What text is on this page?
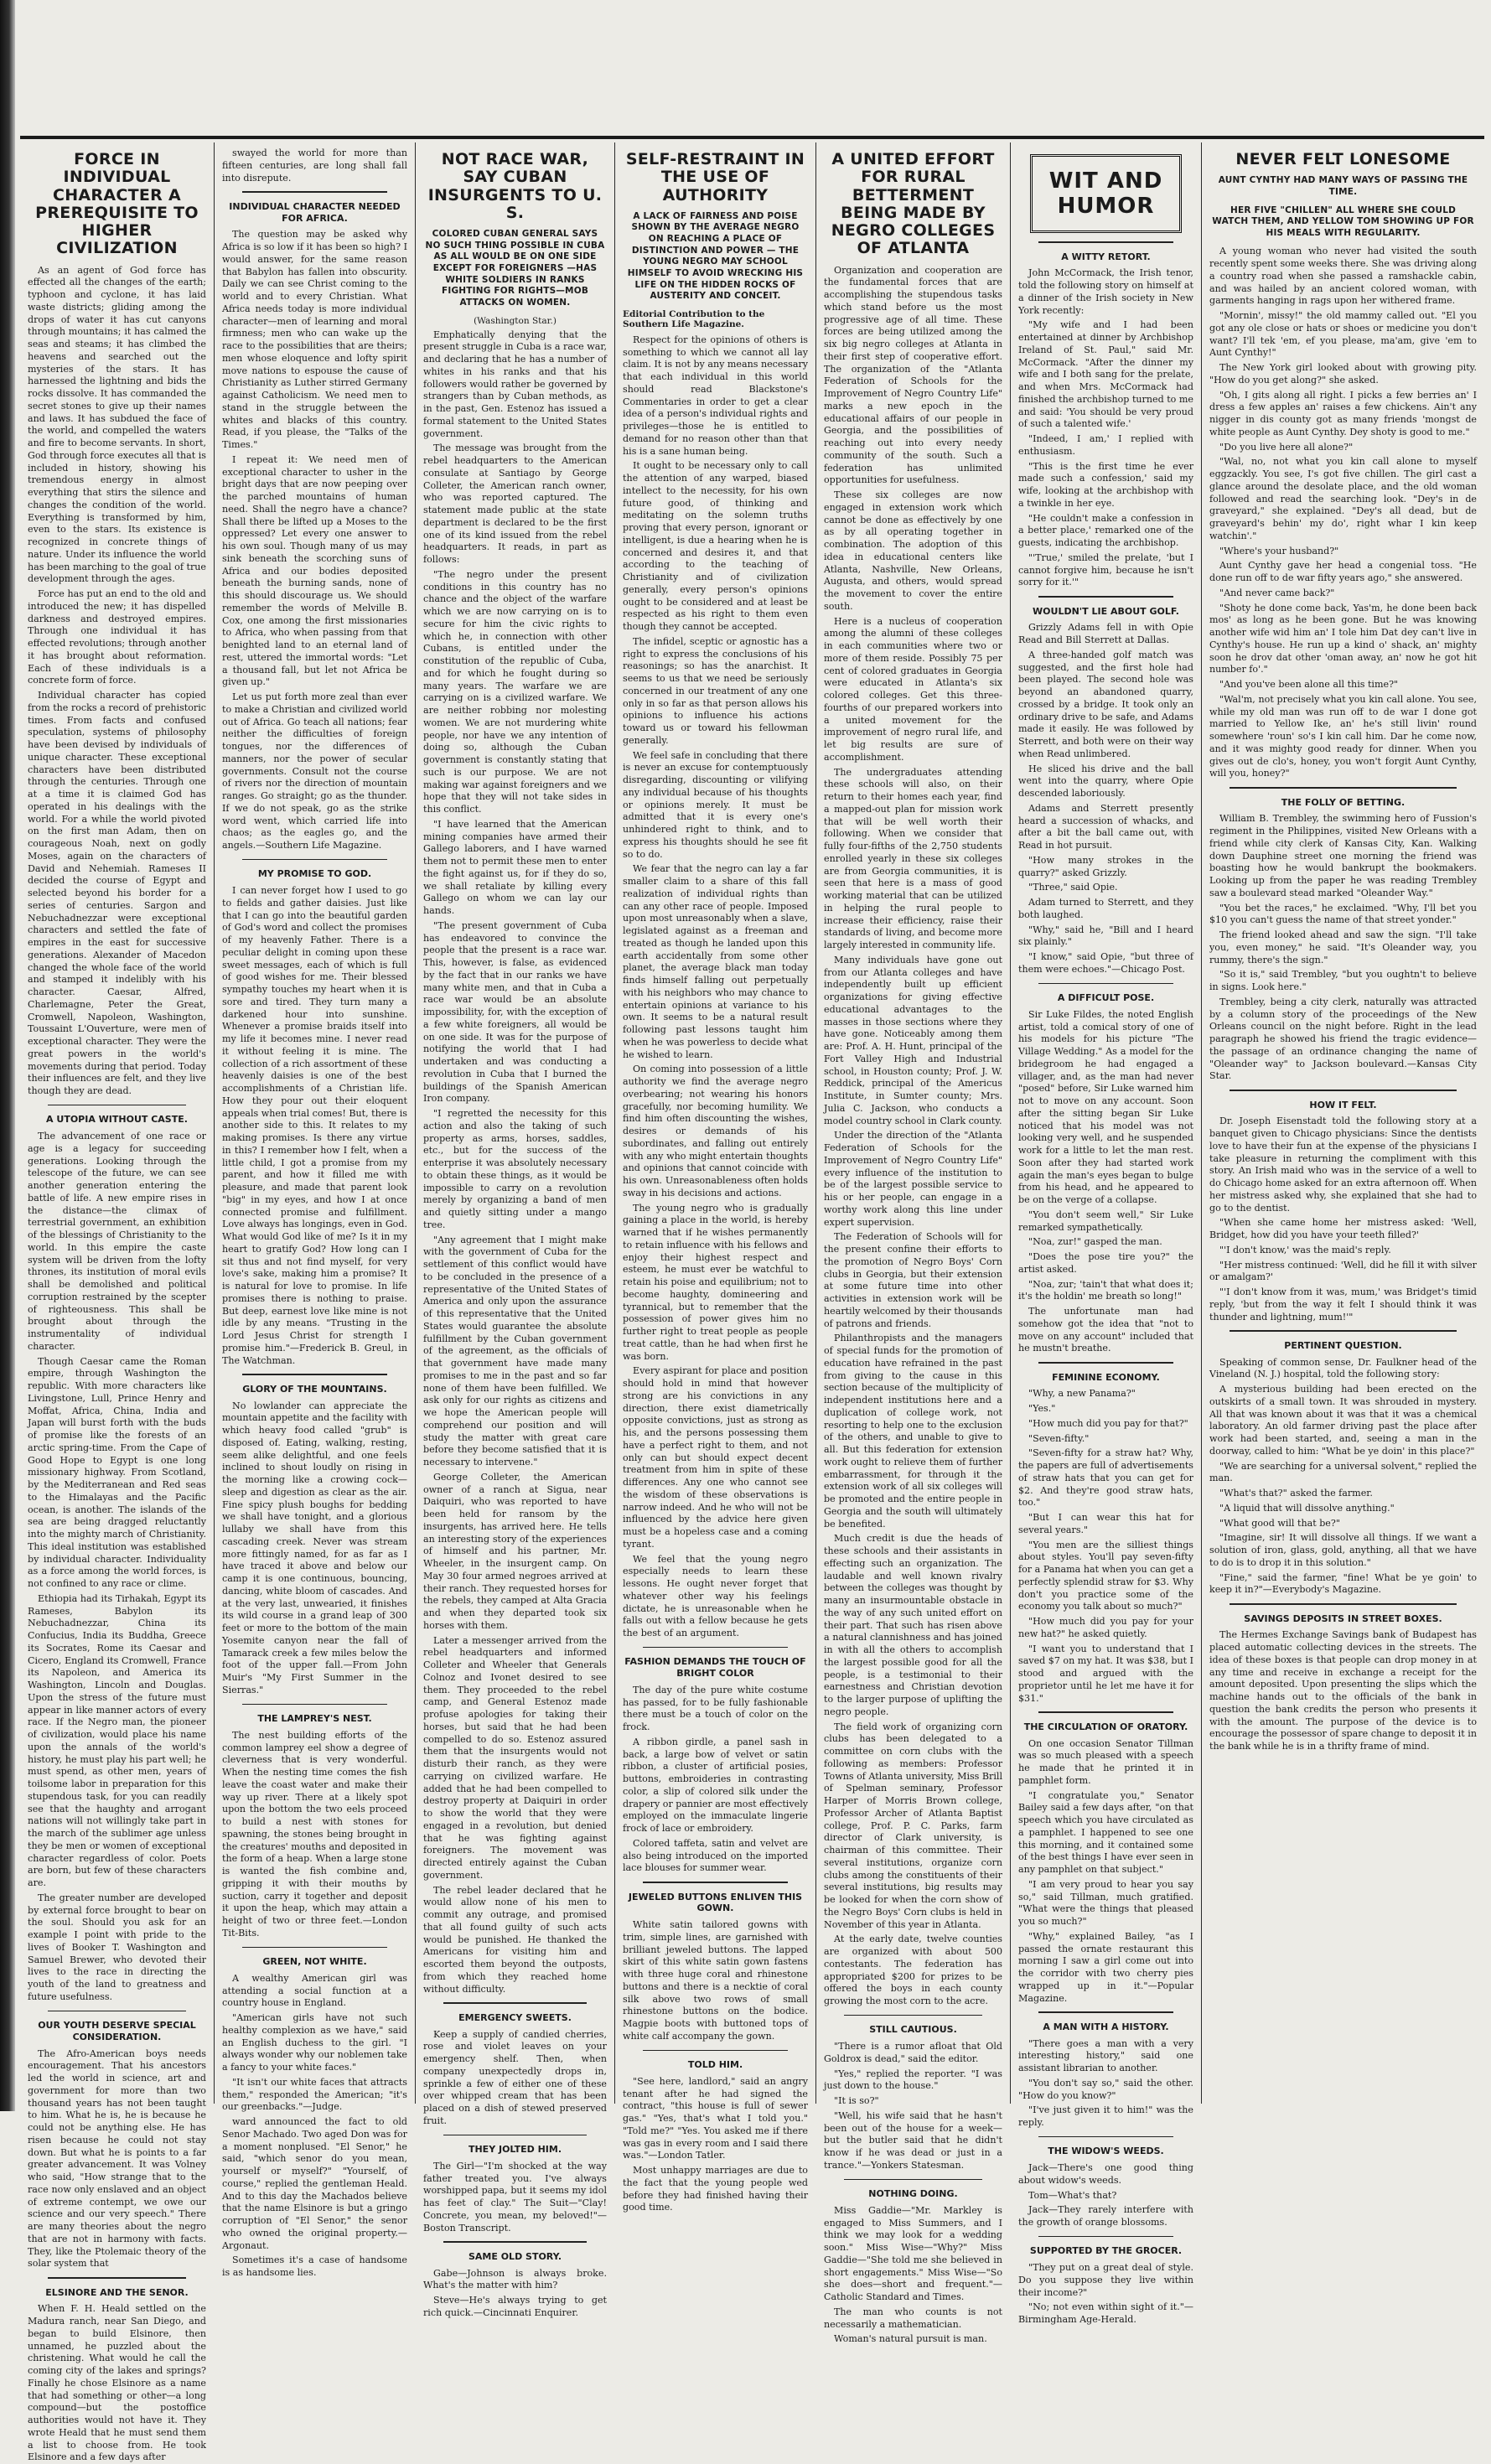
FORCE IN INDIVIDUAL CHARACTER A PREREQUISITE TO HIGHER CIVILIZATION

As an agent of God force has effected all the changes of the earth; typhoon and cyclone, it has laid waste districts; gliding among the drops of water it has cut canyons through mountains; it has calmed the seas and steams; it has climbed the heavens and searched out the mysteries of the stars. It has harnessed the lightning and bids the rocks dissolve. It has commanded the secret stones to give up their names and laws. It has subdued the face of the world, and compelled the waters and fire to become servants. In short, God through force executes all that is included in history, showing his tremendous energy in almost everything that stirs the silence and changes the condition of the world. Everything is transformed by him, even to the stars. Its existence is recognized in concrete things of nature. Under its influence the world has been marching to the goal of true development through the ages.

Force has put an end to the old and introduced the new; it has dispelled darkness and destroyed empires. Through one individual it has effected revolutions; through another it has brought about reformation. Each of these individuals is a concrete form of force.

Individual character has copied from the rocks a record of prehistoric times. From facts and confused speculation, systems of philosophy have been devised by individuals of unique character. These exceptional characters have been distributed through the centuries. Through one at a time it is claimed God has operated in his dealings with the world. For a while the world pivoted on the first man Adam, then on courageous Noah, next on godly Moses, again on the characters of David and Nehemiah. Rameses II decided the course of Egypt and selected beyond his border for a series of centuries. Sargon and Nebuchadnezzar were exceptional characters and settled the fate of empires in the east for successive generations. Alexander of Macedon changed the whole face of the world and stamped it indelibly with his character. Caesar, Alfred, Charlemagne, Peter the Great, Cromwell, Napoleon, Washington, Toussaint L'Ouverture, were men of exceptional character. They were the great powers in the world's movements during that period. Today their influences are felt, and they live though they are dead.

A UTOPIA WITHOUT CASTE.

The advancement of one race or age is a legacy for succeeding generations. Looking through the telescope of the future, we can see another generation entering the battle of life. A new empire rises in the distance—the climax of terrestrial government, an exhibition of the blessings of Christianity to the world. In this empire the caste system will be driven from the lofty thrones, its institution of moral evils shall be demolished and political corruption restrained by the scepter of righteousness. This shall be brought about through the instrumentality of individual character.

Though Caesar came the Roman empire, through Washington the republic. With more characters like Livingstone, Lull, Prince Henry and Moffat, Africa, China, India and Japan will burst forth with the buds of promise like the forests of an arctic spring-time. From the Cape of Good Hope to Egypt is one long missionary highway. From Scotland, by the Mediterranean and Red seas to the Himalayas and the Pacific ocean, is another. The islands of the sea are being dragged reluctantly into the mighty march of Christianity. This ideal institution was established by individual character. Individuality as a force among the world forces, is not confined to any race or clime.

Ethiopia had its Tirhakah, Egypt its Rameses, Babylon its Nebuchadnezzar, China its Confucius, India its Buddha, Greece its Socrates, Rome its Caesar and Cicero, England its Cromwell, France its Napoleon, and America its Washington, Lincoln and Douglas. Upon the stress of the future must appear in like manner actors of every race. If the Negro man, the pioneer of civilization, would place his name upon the annals of the world's history, he must play his part well; he must spend, as other men, years of toilsome labor in preparation for this stupendous task, for you can readily see that the haughty and arrogant nations will not willingly take part in the march of the sublimer age unless they be men or women of exceptional character regardless of color. Poets are born, but few of these characters are.

The greater number are developed by external force brought to bear on the soul. Should you ask for an example I point with pride to the lives of Booker T. Washington and Samuel Brewer, who devoted their lives to the race in directing the youth of the land to greatness and future usefulness.

OUR YOUTH DESERVE SPECIAL CONSIDERATION.

The Afro-American boys needs encouragement. That his ancestors led the world in science, art and government for more than two thousand years has not been taught to him. What he is, he is because he could not be anything else. He has risen because he could not stay down. But what he is points to a far greater advancement. It was Volney who said, "How strange that to the race now only enslaved and an object of extreme contempt, we owe our science and our very speech." There are many theories about the negro that are not in harmony with facts. They, like the Ptolemaic theory of the solar system that

ELSINORE AND THE SENOR.

When F. H. Heald settled on the Madura ranch, near San Diego, and began to build Elsinore, then unnamed, he puzzled about the christening. What would he call the coming city of the lakes and springs? Finally he chose Elsinore as a name that had something or other—a long compound—but the postoffice authorities would not have it. They wrote Heald that he must send them a list to choose from. He took Elsinore and a few days after

swayed the world for more than fifteen centuries, are long shall fall into disrepute.

INDIVIDUAL CHARACTER NEEDED FOR AFRICA.

The question may be asked why Africa is so low if it has been so high? I would answer, for the same reason that Babylon has fallen into obscurity. Daily we can see Christ coming to the world and to every Christian. What Africa needs today is more individual character—men of learning and moral firmness; men who can wake up the race to the possibilities that are theirs; men whose eloquence and lofty spirit move nations to espouse the cause of Christianity as Luther stirred Germany against Catholicism. We need men to stand in the struggle between the whites and blacks of this country. Read, if you please, the "Talks of the Times."

I repeat it: We need men of exceptional character to usher in the bright days that are now peeping over the parched mountains of human need. Shall the negro have a chance? Shall there be lifted up a Moses to the oppressed? Let every one answer to his own soul. Though many of us may sink beneath the scorching suns of Africa and our bodies deposited beneath the burning sands, none of this should discourage us. We should remember the words of Melville B. Cox, one among the first missionaries to Africa, who when passing from that benighted land to an eternal land of rest, uttered the immortal words: "Let a thousand fall, but let not Africa be given up."

Let us put forth more zeal than ever to make a Christian and civilized world out of Africa. Go teach all nations; fear neither the difficulties of foreign tongues, nor the differences of manners, nor the power of secular governments. Consult not the course of rivers nor the direction of mountain ranges. Go straight; go as the thunder. If we do not speak, go as the strike word went, which carried life into chaos; as the eagles go, and the angels.—Southern Life Magazine.

MY PROMISE TO GOD.

I can never forget how I used to go to fields and gather daisies. Just like that I can go into the beautiful garden of God's word and collect the promises of my heavenly Father. There is a peculiar delight in coming upon these sweet messages, each of which is full of good wishes for me. Their blessed sympathy touches my heart when it is sore and tired. They turn many a darkened hour into sunshine. Whenever a promise braids itself into my life it becomes mine. I never read it without feeling it is mine. The collection of a rich assortment of these heavenly daisies is one of the best accomplishments of a Christian life. How they pour out their eloquent appeals when trial comes! But, there is another side to this. It relates to my making promises. Is there any virtue in this? I remember how I felt, when a little child, I got a promise from my parent, and how it filled me with pleasure, and made that parent look "big" in my eyes, and how I at once connected promise and fulfillment. Love always has longings, even in God. What would God like of me? Is it in my heart to gratify God? How long can I sit thus and not find myself, for very love's sake, making him a promise? It is natural for love to promise. In life promises there is nothing to praise. But deep, earnest love like mine is not idle by any means. "Trusting in the Lord Jesus Christ for strength I promise him."—Frederick B. Greul, in The Watchman.

GLORY OF THE MOUNTAINS.

No lowlander can appreciate the mountain appetite and the facility with which heavy food called "grub" is disposed of. Eating, walking, resting, seem alike delightful, and one feels inclined to shout loudly on rising in the morning like a crowing cock—sleep and digestion as clear as the air. Fine spicy plush boughs for bedding we shall have tonight, and a glorious lullaby we shall have from this cascading creek. Never was stream more fittingly named, for as far as I have traced it above and below our camp it is one continuous, bouncing, dancing, white bloom of cascades. And at the very last, unwearied, it finishes its wild course in a grand leap of 300 feet or more to the bottom of the main Yosemite canyon near the fall of Tamarack creek a few miles below the foot of the upper fall.—From John Muir's "My First Summer in the Sierras."

THE LAMPREY'S NEST.

The nest building efforts of the common lamprey eel show a degree of cleverness that is very wonderful. When the nesting time comes the fish leave the coast water and make their way up river. There at a likely spot upon the bottom the two eels proceed to build a nest with stones for spawning, the stones being brought in the creatures' mouths and deposited in the form of a heap. When a large stone is wanted the fish combine and, gripping it with their mouths by suction, carry it together and deposit it upon the heap, which may attain a height of two or three feet.—London Tit-Bits.

GREEN, NOT WHITE.

A wealthy American girl was attending a social function at a country house in England.

"American girls have not such healthy complexion as we have," said an English duchess to the girl. "I always wonder why our noblemen take a fancy to your white faces."

"It isn't our white faces that attracts them," responded the American; "it's our greenbacks."—Judge.

ward announced the fact to old Senor Machado. Two aged Don was for a moment nonplused. "El Senor," he said, "which senor do you mean, yourself or myself?" "Yourself, of course," replied the gentleman Heald. And to this day the Machados believe that the name Elsinore is but a gringo corruption of "El Senor," the senor who owned the original property.—Argonaut.

Sometimes it's a case of handsome is as handsome lies.

NOT RACE WAR, SAY CUBAN INSURGENTS TO U. S.
COLORED CUBAN GENERAL SAYS NO SUCH THING POSSIBLE IN CUBA AS ALL WOULD BE ON ONE SIDE EXCEPT FOR FOREIGNERS —HAS WHITE SOLDIERS IN RANKS FIGHTING FOR RIGHTS—MOB ATTACKS ON WOMEN.
(Washington Star.)

Emphatically denying that the present struggle in Cuba is a race war, and declaring that he has a number of whites in his ranks and that his followers would rather be governed by strangers than by Cuban methods, as in the past, Gen. Estenoz has issued a formal statement to the United States government.

The message was brought from the rebel headquarters to the American consulate at Santiago by George Colleter, the American ranch owner, who was reported captured. The statement made public at the state department is declared to be the first one of its kind issued from the rebel headquarters. It reads, in part as follows:

"The negro under the present conditions in this country has no chance and the object of the warfare which we are now carrying on is to secure for him the civic rights to which he, in connection with other Cubans, is entitled under the constitution of the republic of Cuba, and for which he fought during so many years. The warfare we are carrying on is a civilized warfare. We are neither robbing nor molesting women. We are not murdering white people, nor have we any intention of doing so, although the Cuban government is constantly stating that such is our purpose. We are not making war against foreigners and we hope that they will not take sides in this conflict.

"I have learned that the American mining companies have armed their Gallego laborers, and I have warned them not to permit these men to enter the fight against us, for if they do so, we shall retaliate by killing every Gallego on whom we can lay our hands.

"The present government of Cuba has endeavored to convince the people that the present is a race war. This, however, is false, as evidenced by the fact that in our ranks we have many white men, and that in Cuba a race war would be an absolute impossibility, for, with the exception of a few white foreigners, all would be on one side. It was for the purpose of notifying the world that I had undertaken and was conducting a revolution in Cuba that I burned the buildings of the Spanish American Iron company.

"I regretted the necessity for this action and also the taking of such property as arms, horses, saddles, etc., but for the success of the enterprise it was absolutely necessary to obtain these things, as it would be impossible to carry on a revolution merely by organizing a band of men and quietly sitting under a mango tree.

"Any agreement that I might make with the government of Cuba for the settlement of this conflict would have to be concluded in the presence of a representative of the United States of America and only upon the assurance of this representative that the United States would guarantee the absolute fulfillment by the Cuban government of the agreement, as the officials of that government have made many promises to me in the past and so far none of them have been fulfilled. We ask only for our rights as citizens and we hope the American people will comprehend our position and will study the matter with great care before they become satisfied that it is necessary to intervene."

George Colleter, the American owner of a ranch at Sigua, near Daiquiri, who was reported to have been held for ransom by the insurgents, has arrived here. He tells an interesting story of the experiences of himself and his partner, Mr. Wheeler, in the insurgent camp. On May 30 four armed negroes arrived at their ranch. They requested horses for the rebels, they camped at Alta Gracia and when they departed took six horses with them.

Later a messenger arrived from the rebel headquarters and informed Colleter and Wheeler that Generals Colnoz and Ivonet desired to see them. They proceeded to the rebel camp, and General Estenoz made profuse apologies for taking their horses, but said that he had been compelled to do so. Estenoz assured them that the insurgents would not disturb their ranch, as they were carrying on civilized warfare. He added that he had been compelled to destroy property at Daiquiri in order to show the world that they were engaged in a revolution, but denied that he was fighting against foreigners. The movement was directed entirely against the Cuban government.

The rebel leader declared that he would allow none of his men to commit any outrage, and promised that all found guilty of such acts would be punished. He thanked the Americans for visiting him and escorted them beyond the outposts, from which they reached home without difficulty.

EMERGENCY SWEETS.

Keep a supply of candied cherries, rose and violet leaves on your emergency shelf. Then, when company unexpectedly drops in, sprinkle a few of either one of these over whipped cream that has been placed on a dish of stewed preserved fruit.

THEY JOLTED HIM.

The Girl—"I'm shocked at the way father treated you. I've always worshipped papa, but it seems my idol has feet of clay." The Suit—"Clay! Concrete, you mean, my beloved!"—Boston Transcript.

SAME OLD STORY.

Gabe—Johnson is always broke. What's the matter with him?

Steve—He's always trying to get rich quick.—Cincinnati Enquirer.

SELF-RESTRAINT IN THE USE OF AUTHORITY
A LACK OF FAIRNESS AND POISE SHOWN BY THE AVERAGE NEGRO ON REACHING A PLACE OF DISTINCTION AND POWER — THE YOUNG NEGRO MAY SCHOOL HIMSELF TO AVOID WRECKING HIS LIFE ON THE HIDDEN ROCKS OF AUSTERITY AND CONCEIT.
Editorial Contribution to the Southern Life Magazine.

Respect for the opinions of others is something to which we cannot all lay claim. It is not by any means necessary that each individual in this world should read Blackstone's Commentaries in order to get a clear idea of a person's individual rights and privileges—those he is entitled to demand for no reason other than that his is a sane human being.

It ought to be necessary only to call the attention of any warped, biased intellect to the necessity, for his own future good, of thinking and meditating on the solemn truths proving that every person, ignorant or intelligent, is due a hearing when he is concerned and desires it, and that according to the teaching of Christianity and of civilization generally, every person's opinions ought to be considered and at least be respected as his right to them even though they cannot be accepted.

The infidel, sceptic or agnostic has a right to express the conclusions of his reasonings; so has the anarchist. It seems to us that we need be seriously concerned in our treatment of any one only in so far as that person allows his opinions to influence his actions toward us or toward his fellowman generally.

We feel safe in concluding that there is never an excuse for contemptuously disregarding, discounting or vilifying any individual because of his thoughts or opinions merely. It must be admitted that it is every one's unhindered right to think, and to express his thoughts should he see fit so to do.

We fear that the negro can lay a far smaller claim to a share of this fall realization of individual rights than can any other race of people. Imposed upon most unreasonably when a slave, legislated against as a freeman and treated as though he landed upon this earth accidentally from some other planet, the average black man today finds himself falling out perpetually with his neighbors who may chance to entertain opinions at variance to his own. It seems to be a natural result following past lessons taught him when he was powerless to decide what he wished to learn.

On coming into possession of a little authority we find the average negro overbearing; not wearing his honors gracefully, nor becoming humility. We find him often discounting the wishes, desires or demands of his subordinates, and falling out entirely with any who might entertain thoughts and opinions that cannot coincide with his own. Unreasonableness often holds sway in his decisions and actions.

The young negro who is gradually gaining a place in the world, is hereby warned that if he wishes permanently to retain influence with his fellows and enjoy their highest respect and esteem, he must ever be watchful to retain his poise and equilibrium; not to become haughty, domineering and tyrannical, but to remember that the possession of power gives him no further right to treat people as people treat cattle, than he had when first he was born.

Every aspirant for place and position should hold in mind that however strong are his convictions in any direction, there exist diametrically opposite convictions, just as strong as his, and the persons possessing them have a perfect right to them, and not only can but should expect decent treatment from him in spite of these differences. Any one who cannot see the wisdom of these observations is narrow indeed. And he who will not be influenced by the advice here given must be a hopeless case and a coming tyrant.

We feel that the young negro especially needs to learn these lessons. He ought never forget that whatever other way his feelings dictate, he is unreasonable when he falls out with a fellow because he gets the best of an argument.

FASHION DEMANDS THE TOUCH OF BRIGHT COLOR

The day of the pure white costume has passed, for to be fully fashionable there must be a touch of color on the frock.

A ribbon girdle, a panel sash in back, a large bow of velvet or satin ribbon, a cluster of artificial posies, buttons, embroideries in contrasting color, a slip of colored silk under the drapery or pannier are most effectively employed on the immaculate lingerie frock of lace or embroidery.

Colored taffeta, satin and velvet are also being introduced on the imported lace blouses for summer wear.

JEWELED BUTTONS ENLIVEN THIS GOWN.

White satin tailored gowns with trim, simple lines, are garnished with brilliant jeweled buttons. The lapped skirt of this white satin gown fastens with three huge coral and rhinestone buttons and there is a necktie of coral silk above two rows of small rhinestone buttons on the bodice. Magpie boots with buttoned tops of white calf accompany the gown.

TOLD HIM.

"See here, landlord," said an angry tenant after he had signed the contract, "this house is full of sewer gas." "Yes, that's what I told you." "Told me?" "Yes. You asked me if there was gas in every room and I said there was."—London Tatler.

Most unhappy marriages are due to the fact that the young people wed before they had finished having their good time.

A UNITED EFFORT FOR RURAL BETTERMENT BEING MADE BY NEGRO COLLEGES OF ATLANTA

Organization and cooperation are the fundamental forces that are accomplishing the stupendous tasks which stand before us the most progressive age of all time. These forces are being utilized among the six big negro colleges at Atlanta in their first step of cooperative effort. The organization of the "Atlanta Federation of Schools for the Improvement of Negro Country Life" marks a new epoch in the educational affairs of our people in Georgia, and the possibilities of reaching out into every needy community of the south. Such a federation has unlimited opportunities for usefulness.

These six colleges are now engaged in extension work which cannot be done as effectively by one as by all operating together in combination. The adoption of this idea in educational centers like Atlanta, Nashville, New Orleans, Augusta, and others, would spread the movement to cover the entire south.

Here is a nucleus of cooperation among the alumni of these colleges in each communities where two or more of them reside. Possibly 75 per cent of colored graduates in Georgia were educated in Atlanta's six colored colleges. Get this three-fourths of our prepared workers into a united movement for the improvement of negro rural life, and let big results are sure of accomplishment.

The undergraduates attending these schools will also, on their return to their homes each year, find a mapped-out plan for mission work that will be well worth their following. When we consider that fully four-fifths of the 2,750 students enrolled yearly in these six colleges are from Georgia communities, it is seen that here is a mass of good working material that can be utilized in helping the rural people to increase their efficiency, raise their standards of living, and become more largely interested in community life.

Many individuals have gone out from our Atlanta colleges and have independently built up efficient organizations for giving effective educational advantages to the masses in those sections where they have gone. Noticeably among them are: Prof. A. H. Hunt, principal of the Fort Valley High and Industrial school, in Houston county; Prof. J. W. Reddick, principal of the Americus Institute, in Sumter county; Mrs. Julia C. Jackson, who conducts a model country school in Clark county.

Under the direction of the "Atlanta Federation of Schools for the Improvement of Negro Country Life" every influence of the institution to be of the largest possible service to his or her people, can engage in a worthy work along this line under expert supervision.

The Federation of Schools will for the present confine their efforts to the promotion of Negro Boys' Corn clubs in Georgia, but their extension at some future time into other activities in extension work will be heartily welcomed by their thousands of patrons and friends.

Philanthropists and the managers of special funds for the promotion of education have refrained in the past from giving to the cause in this section because of the multiplicity of independent institutions here and a duplication of college work, not resorting to help one to the exclusion of the others, and unable to give to all. But this federation for extension work ought to relieve them of further embarrassment, for through it the extension work of all six colleges will be promoted and the entire people in Georgia and the south will ultimately be benefited.

Much credit is due the heads of these schools and their assistants in effecting such an organization. The laudable and well known rivalry between the colleges was thought by many an insurmountable obstacle in the way of any such united effort on their part. That such has risen above a natural clannishness and has joined in with all the others to accomplish the largest possible good for all the people, is a testimonial to their earnestness and Christian devotion to the larger purpose of uplifting the negro people.

The field work of organizing corn clubs has been delegated to a committee on corn clubs with the following as members: Professor Towns of Atlanta university, Miss Brill of Spelman seminary, Professor Harper of Morris Brown college, Professor Archer of Atlanta Baptist college, Prof. P. C. Parks, farm director of Clark university, is chairman of this committee. Their several institutions, organize corn clubs among the constituents of their several institutions, big results may be looked for when the corn show of the Negro Boys' Corn clubs is held in November of this year in Atlanta.

At the early date, twelve counties are organized with about 500 contestants. The federation has appropriated $200 for prizes to be offered the boys in each county growing the most corn to the acre.

STILL CAUTIOUS.

"There is a rumor afloat that Old Goldrox is dead," said the editor.

"Yes," replied the reporter. "I was just down to the house."

"It is so?"

"Well, his wife said that he hasn't been out of the house for a week—but the butler said that he didn't know if he was dead or just in a trance."—Yonkers Statesman.

NOTHING DOING.

Miss Gaddie—"Mr. Markley is engaged to Miss Summers, and I think we may look for a wedding soon." Miss Wise—"Why?" Miss Gaddie—"She told me she believed in short engagements." Miss Wise—"So she does—short and frequent."—Catholic Standard and Times.

The man who counts is not necessarily a mathematician.

Woman's natural pursuit is man.

WIT AND HUMOR
A WITTY RETORT.

John McCormack, the Irish tenor, told the following story on himself at a dinner of the Irish society in New York recently:

"My wife and I had been entertained at dinner by Archbishop Ireland of St. Paul," said Mr. McCormack. "After the dinner my wife and I both sang for the prelate, and when Mrs. McCormack had finished the archbishop turned to me and said: 'You should be very proud of such a talented wife.'

"Indeed, I am,' I replied with enthusiasm.

"This is the first time he ever made such a confession,' said my wife, looking at the archbishop with a twinkle in her eye.

"He couldn't make a confession in a better place,' remarked one of the guests, indicating the archbishop.

"'True,' smiled the prelate, 'but I cannot forgive him, because he isn't sorry for it.'"

WOULDN'T LIE ABOUT GOLF.

Grizzly Adams fell in with Opie Read and Bill Sterrett at Dallas.

A three-handed golf match was suggested, and the first hole had been played. The second hole was beyond an abandoned quarry, crossed by a bridge. It took only an ordinary drive to be safe, and Adams made it easily. He was followed by Sterrett, and both were on their way when Read unlimbered.

He sliced his drive and the ball went into the quarry, where Opie descended laboriously.

Adams and Sterrett presently heard a succession of whacks, and after a bit the ball came out, with Read in hot pursuit.

"How many strokes in the quarry?" asked Grizzly.

"Three," said Opie.

Adam turned to Sterrett, and they both laughed.

"Why," said he, "Bill and I heard six plainly."

"I know," said Opie, "but three of them were echoes."—Chicago Post.

A DIFFICULT POSE.

Sir Luke Fildes, the noted English artist, told a comical story of one of his models for his picture "The Village Wedding." As a model for the bridegroom he had engaged a villager, and, as the man had never "posed" before, Sir Luke warned him not to move on any account. Soon after the sitting began Sir Luke noticed that his model was not looking very well, and he suspended work for a little to let the man rest. Soon after they had started work again the man's eyes began to bulge from his head, and he appeared to be on the verge of a collapse.

"You don't seem well," Sir Luke remarked sympathetically.

"Noa, zur!" gasped the man.

"Does the pose tire you?" the artist asked.

"Noa, zur; 'tain't that what does it; it's the holdin' me breath so long!"

The unfortunate man had somehow got the idea that "not to move on any account" included that he mustn't breathe.

FEMININE ECONOMY.

"Why, a new Panama?"

"Yes."

"How much did you pay for that?"

"Seven-fifty."

"Seven-fifty for a straw hat? Why, the papers are full of advertisements of straw hats that you can get for $2. And they're good straw hats, too."

"But I can wear this hat for several years."

"You men are the silliest things about styles. You'll pay seven-fifty for a Panama hat when you can get a perfectly splendid straw for $3. Why don't you practice some of the economy you talk about so much?"

"How much did you pay for your new hat?" he asked quietly.

"I want you to understand that I saved $7 on my hat. It was $38, but I stood and argued with the proprietor until he let me have it for $31."

THE CIRCULATION OF ORATORY.

On one occasion Senator Tillman was so much pleased with a speech he made that he printed it in pamphlet form.

"I congratulate you," Senator Bailey said a few days after, "on that speech which you have circulated as a pamphlet. I happened to see one this morning, and it contained some of the best things I have ever seen in any pamphlet on that subject."

"I am very proud to hear you say so," said Tillman, much gratified. "What were the things that pleased you so much?"

"Why," explained Bailey, "as I passed the ornate restaurant this morning I saw a girl come out into the corridor with two cherry pies wrapped up in it."—Popular Magazine.

A MAN WITH A HISTORY.

"There goes a man with a very interesting history," said one assistant librarian to another.

"You don't say so," said the other. "How do you know?"

"I've just given it to him!" was the reply.

THE WIDOW'S WEEDS.

Jack—There's one good thing about widow's weeds.

Tom—What's that?

Jack—They rarely interfere with the growth of orange blossoms.

SUPPORTED BY THE GROCER.

"They put on a great deal of style. Do you suppose they live within their income?"

"No; not even within sight of it."—Birmingham Age-Herald.

NEVER FELT LONESOME
AUNT CYNTHY HAD MANY WAYS OF PASSING THE TIME.
HER FIVE "CHILLEN" ALL WHERE SHE COULD WATCH THEM, AND YELLOW TOM SHOWING UP FOR HIS MEALS WITH REGULARITY.

A young woman who never had visited the south recently spent some weeks there. She was driving along a country road when she passed a ramshackle cabin, and was hailed by an ancient colored woman, with garments hanging in rags upon her withered frame.

"Mornin', missy!" the old mammy called out. "El you got any ole close or hats or shoes or medicine you don't want? I'll tek 'em, ef you please, ma'am, give 'em to Aunt Cynthy!"

The New York girl looked about with growing pity. "How do you get along?" she asked.

"Oh, I gits along all right. I picks a few berries an' I dress a few apples an' raises a few chickens. Ain't any nigger in dis county got as many friends 'mongst de white people as Aunt Cynthy. Dey shoty is good to me."

"Do you live here all alone?"

"Wal, no, not what you kin call alone to myself eggzackly. You see, I's got five chillen. The girl cast a glance around the desolate place, and the old woman followed and read the searching look. "Dey's in de graveyard," she explained. "Dey's all dead, but de graveyard's behin' my do', right whar I kin keep watchin'."

"Where's your husband?"

Aunt Cynthy gave her head a congenial toss. "He done run off to de war fifty years ago," she answered.

"And never came back?"

"Shoty he done come back, Yas'm, he done been back mos' as long as he been gone. But he was knowing another wife wid him an' I tole him Dat dey can't live in Cynthy's house. He run up a kind o' shack, an' mighty soon he drov dat other 'oman away, an' now he got hit number fo'."

"And you've been alone all this time?"

"Wal'm, not precisely what you kin call alone. You see, while my old man was run off to de war I done got married to Yellow Ike, an' he's still livin' round somewhere 'roun' so's I kin call him. Dar he come now, and it was mighty good ready for dinner. When you gives out de clo's, honey, you won't forgit Aunt Cynthy, will you, honey?"

THE FOLLY OF BETTING.

William B. Trembley, the swimming hero of Fussion's regiment in the Philippines, visited New Orleans with a friend while city clerk of Kansas City, Kan. Walking down Dauphine street one morning the friend was boasting how he would bankrupt the bookmakers. Looking up from the paper he was reading Trembley saw a boulevard stead marked "Oleander Way."

"You bet the races," he exclaimed. "Why, I'll bet you $10 you can't guess the name of that street yonder."

The friend looked ahead and saw the sign. "I'll take you, even money," he said. "It's Oleander way, you rummy, there's the sign."

"So it is," said Trembley, "but you oughtn't to believe in signs. Look here."

Trembley, being a city clerk, naturally was attracted by a column story of the proceedings of the New Orleans council on the night before. Right in the lead paragraph he showed his friend the tragic evidence—the passage of an ordinance changing the name of "Oleander way" to Jackson boulevard.—Kansas City Star.

HOW IT FELT.

Dr. Joseph Eisenstadt told the following story at a banquet given to Chicago physicians: Since the dentists love to have their fun at the expense of the physicians I take pleasure in returning the compliment with this story. An Irish maid who was in the service of a well to do Chicago home asked for an extra afternoon off. When her mistress asked why, she explained that she had to go to the dentist.

"When she came home her mistress asked: 'Well, Bridget, how did you have your teeth filled?'

"'I don't know,' was the maid's reply.

"Her mistress continued: 'Well, did he fill it with silver or amalgam?'

"'I don't know from it was, mum,' was Bridget's timid reply, 'but from the way it felt I should think it was thunder and lightning, mum!'"

PERTINENT QUESTION.

Speaking of common sense, Dr. Faulkner head of the Vineland (N. J.) hospital, told the following story:

A mysterious building had been erected on the outskirts of a small town. It was shrouded in mystery. All that was known about it was that it was a chemical laboratory. An old farmer driving past the place after work had been started, and, seeing a man in the doorway, called to him: "What be ye doin' in this place?"

"We are searching for a universal solvent," replied the man.

"What's that?" asked the farmer.

"A liquid that will dissolve anything."

"What good will that be?"

"Imagine, sir! It will dissolve all things. If we want a solution of iron, glass, gold, anything, all that we have to do is to drop it in this solution."

"Fine," said the farmer, "fine! What be ye goin' to keep it in?"—Everybody's Magazine.

SAVINGS DEPOSITS IN STREET BOXES.

The Hermes Exchange Savings bank of Budapest has placed automatic collecting devices in the streets. The idea of these boxes is that people can drop money in at any time and receive in exchange a receipt for the amount deposited. Upon presenting the slips which the machine hands out to the officials of the bank in question the bank credits the person who presents it with the amount. The purpose of the device is to encourage the possessor of spare change to deposit it in the bank while he is in a thrifty frame of mind.
